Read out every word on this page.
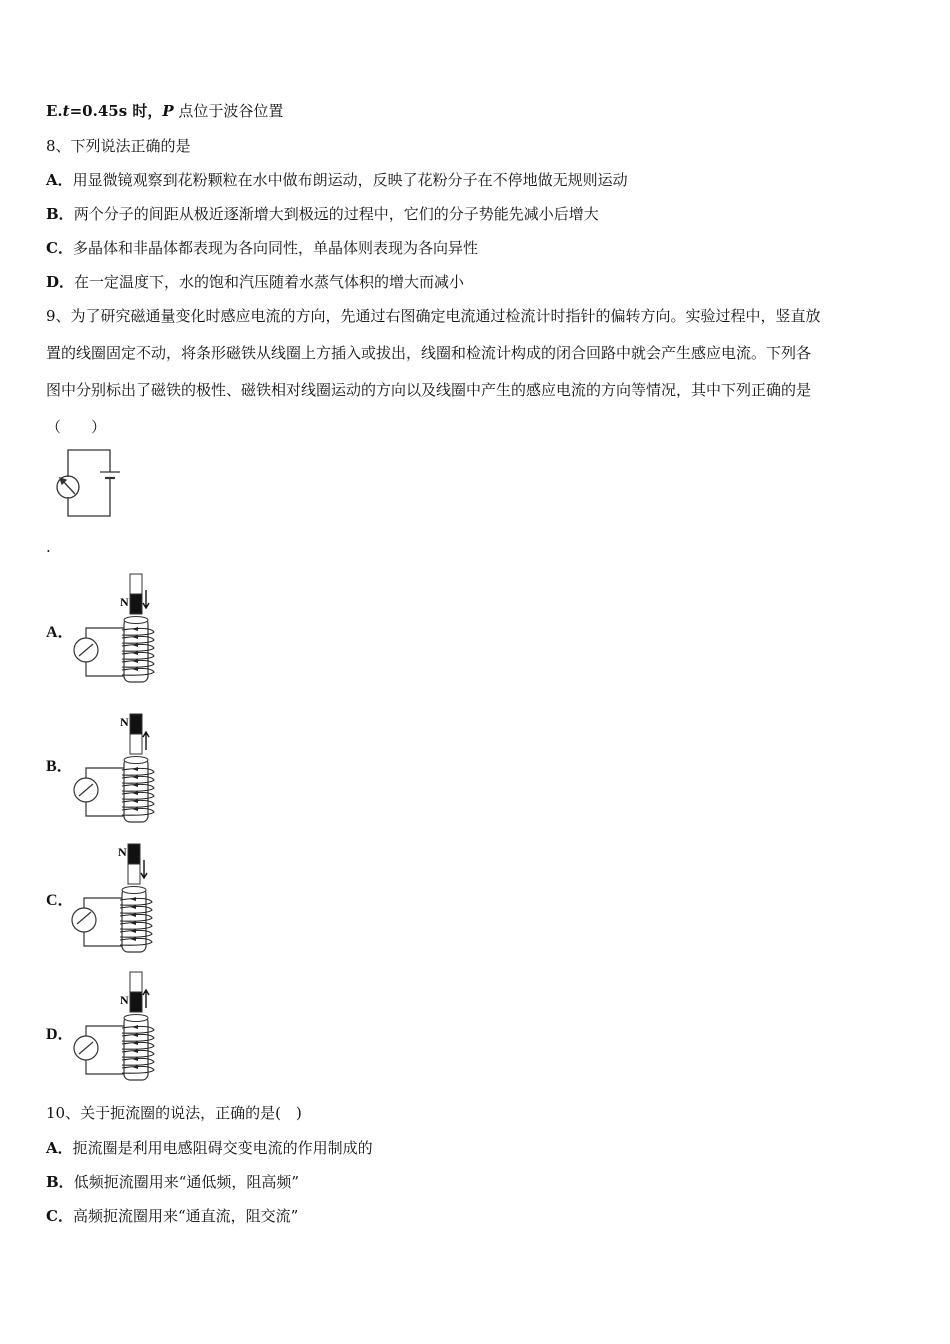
E.t=0.45s 时，P 点位于波谷位置
8、下列说法正确的是
A．用显微镜观察到花粉颗粒在水中做布朗运动，反映了花粉分子在不停地做无规则运动
B．两个分子的间距从极近逐渐增大到极远的过程中，它们的分子势能先减小后增大
C．多晶体和非晶体都表现为各向同性，单晶体则表现为各向异性
D．在一定温度下，水的饱和汽压随着水蒸气体积的增大而减小
9、为了研究磁通量变化时感应电流的方向，先通过右图确定电流通过检流计时指针的偏转方向。实验过程中，竖直放
置的线圈固定不动，将条形磁铁从线圈上方插入或拔出，线圈和检流计构成的闭合回路中就会产生感应电流。下列各
图中分别标出了磁铁的极性、磁铁相对线圈运动的方向以及线圈中产生的感应电流的方向等情况，其中下列正确的是
（　　）
.
A．
N
B．
N
C．
N
D．
N
10、关于扼流圈的说法，正确的是(　)
A．扼流圈是利用电感阻碍交变电流的作用制成的
B．低频扼流圈用来“通低频，阻高频”
C．高频扼流圈用来“通直流，阻交流”
